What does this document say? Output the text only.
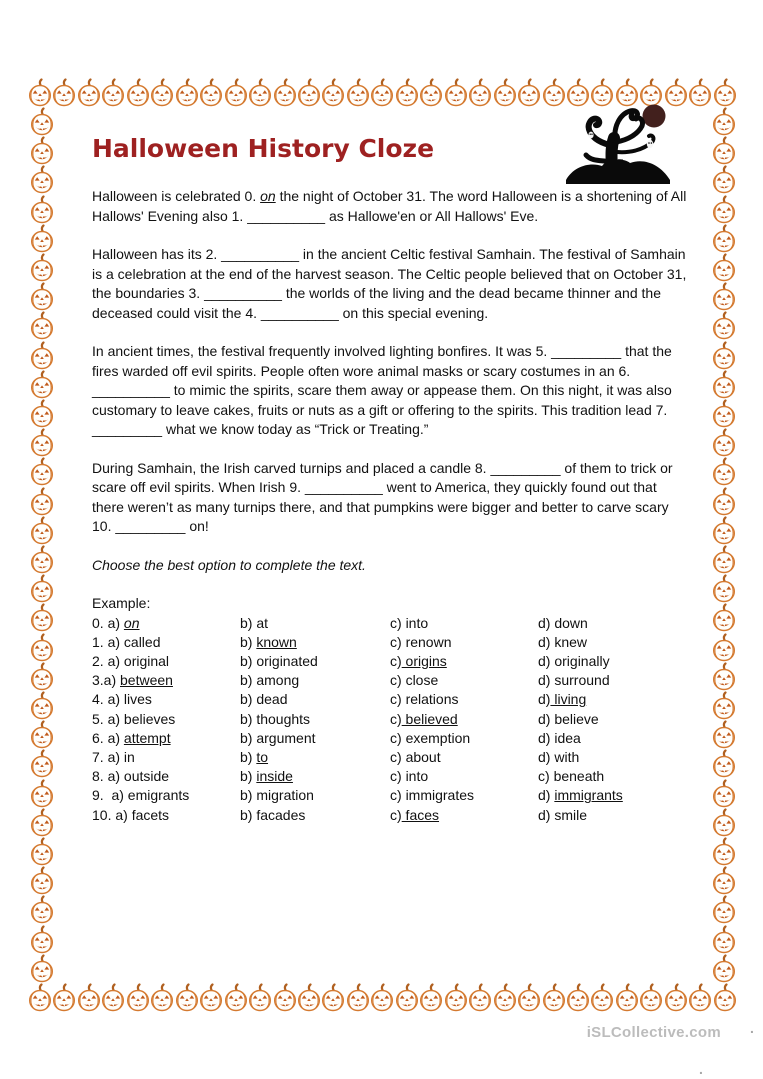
Halloween History Cloze

Halloween is celebrated 0. on the night of October 31. The word Halloween is a shortening of All Hallows' Evening also 1. __________ as Hallowe'en or All Hallows' Eve.

Halloween has its 2. __________ in the ancient Celtic festival Samhain. The festival of Samhain is a celebration at the end of the harvest season. The Celtic people believed that on October 31, the boundaries 3. __________ the worlds of the living and the dead became thinner and the deceased could visit the 4. __________ on this special evening.

In ancient times, the festival frequently involved lighting bonfires. It was 5. _________ that the fires warded off evil spirits. People often wore animal masks or scary costumes in an 6. __________ to mimic the spirits, scare them away or appease them. On this night, it was also customary to leave cakes, fruits or nuts as a gift or offering to the spirits. This tradition lead 7. _________ what we know today as “Trick or Treating.”

During Samhain, the Irish carved turnips and placed a candle 8. _________ of them to trick or scare off evil spirits. When Irish 9. __________ went to America, they quickly found out that there weren’t as many turnips there, and that pumpkins were bigger and better to carve scary 10. _________ on!

Choose the best option to complete the text.

Example:
0. a) on	b) at	c) into	d) down
1. a) called	b) known	c) renown	d) knew
2. a) original	b) originated	c) origins	d) originally
3.a) between	b) among	c) close	d) surround
4. a) lives	b) dead	c) relations	d) living
5. a) believes	b) thoughts	c) believed	d) believe
6. a) attempt	b) argument	c) exemption	d) idea
7. a) in	b) to	c) about	d) with
8. a) outside	b) inside	c) into	c) beneath
9.  a) emigrants	b) migration	c) immigrates	d) immigrants
10. a) facets	b) facades	c) faces	d) smile
iSLCollective.com .
.
